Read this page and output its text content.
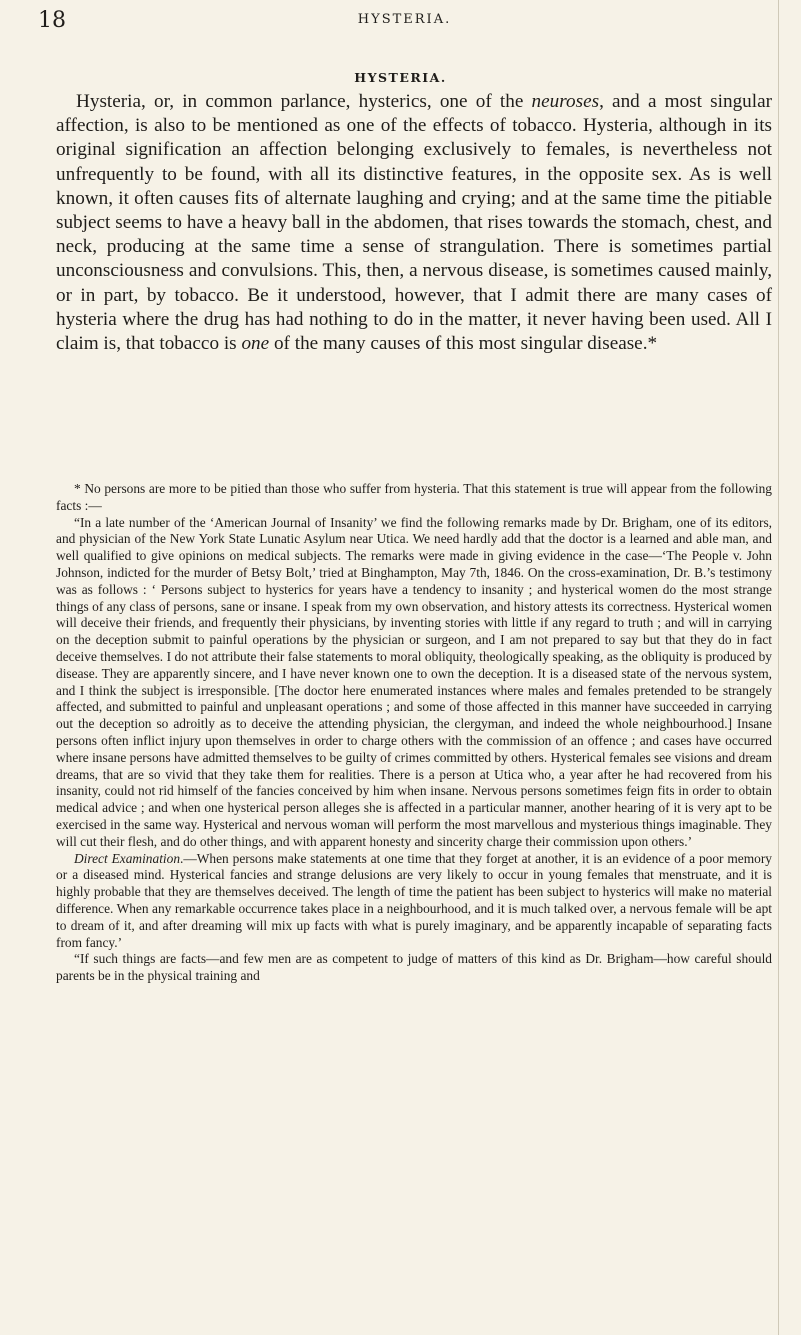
18	HYSTERIA.
HYSTERIA.

Hysteria, or, in common parlance, hysterics, one of the neuroses, and a most singular affection, is also to be mentioned as one of the effects of tobacco. Hysteria, although in its original signification an affection belonging exclusively to females, is nevertheless not unfrequently to be found, with all its distinctive features, in the opposite sex. As is well known, it often causes fits of alternate laughing and crying; and at the same time the pitiable subject seems to have a heavy ball in the abdomen, that rises towards the stomach, chest, and neck, producing at the same time a sense of strangulation. There is sometimes partial unconsciousness and convulsions. This, then, a nervous disease, is sometimes caused mainly, or in part, by tobacco. Be it understood, however, that I admit there are many cases of hysteria where the drug has had nothing to do in the matter, it never having been used. All I claim is, that tobacco is one of the many causes of this most singular disease.*

* No persons are more to be pitied than those who suffer from hysteria. That this statement is true will appear from the following facts :—

“In a late number of the ‘American Journal of Insanity’ we find the following remarks made by Dr. Brigham, one of its editors, and physician of the New York State Lunatic Asylum near Utica. We need hardly add that the doctor is a learned and able man, and well qualified to give opinions on medical subjects. The remarks were made in giving evidence in the case—‘The People v. John Johnson, indicted for the murder of Betsy Bolt,’ tried at Binghampton, May 7th, 1846. On the cross-examination, Dr. B.’s testimony was as follows : ‘ Persons subject to hysterics for years have a tendency to insanity ; and hysterical women do the most strange things of any class of persons, sane or insane. I speak from my own observation, and history attests its correctness. Hysterical women will deceive their friends, and frequently their physicians, by inventing stories with little if any regard to truth ; and will in carrying on the deception submit to painful operations by the physician or surgeon, and I am not prepared to say but that they do in fact deceive themselves. I do not attribute their false statements to moral obliquity, theologically speaking, as the obliquity is produced by disease. They are apparently sincere, and I have never known one to own the deception. It is a diseased state of the nervous system, and I think the subject is irresponsible. [The doctor here enumerated instances where males and females pretended to be strangely affected, and submitted to painful and unpleasant operations ; and some of those affected in this manner have succeeded in carrying out the deception so adroitly as to deceive the attending physician, the clergyman, and indeed the whole neighbourhood.] Insane persons often inflict injury upon themselves in order to charge others with the commission of an offence ; and cases have occurred where insane persons have admitted themselves to be guilty of crimes committed by others. Hysterical females see visions and dream dreams, that are so vivid that they take them for realities. There is a person at Utica who, a year after he had recovered from his insanity, could not rid himself of the fancies conceived by him when insane. Nervous persons sometimes feign fits in order to obtain medical advice ; and when one hysterical person alleges she is affected in a particular manner, another hearing of it is very apt to be exercised in the same way. Hysterical and nervous woman will perform the most marvellous and mysterious things imaginable. They will cut their flesh, and do other things, and with apparent honesty and sincerity charge their commission upon others.’

Direct Examination.—When persons make statements at one time that they forget at another, it is an evidence of a poor memory or a diseased mind. Hysterical fancies and strange delusions are very likely to occur in young females that menstruate, and it is highly probable that they are themselves deceived. The length of time the patient has been subject to hysterics will make no material difference. When any remarkable occurrence takes place in a neighbourhood, and it is much talked over, a nervous female will be apt to dream of it, and after dreaming will mix up facts with what is purely imaginary, and be apparently incapable of separating facts from fancy.’

“If such things are facts—and few men are as competent to judge of matters of this kind as Dr. Brigham—how careful should parents be in the physical training and
